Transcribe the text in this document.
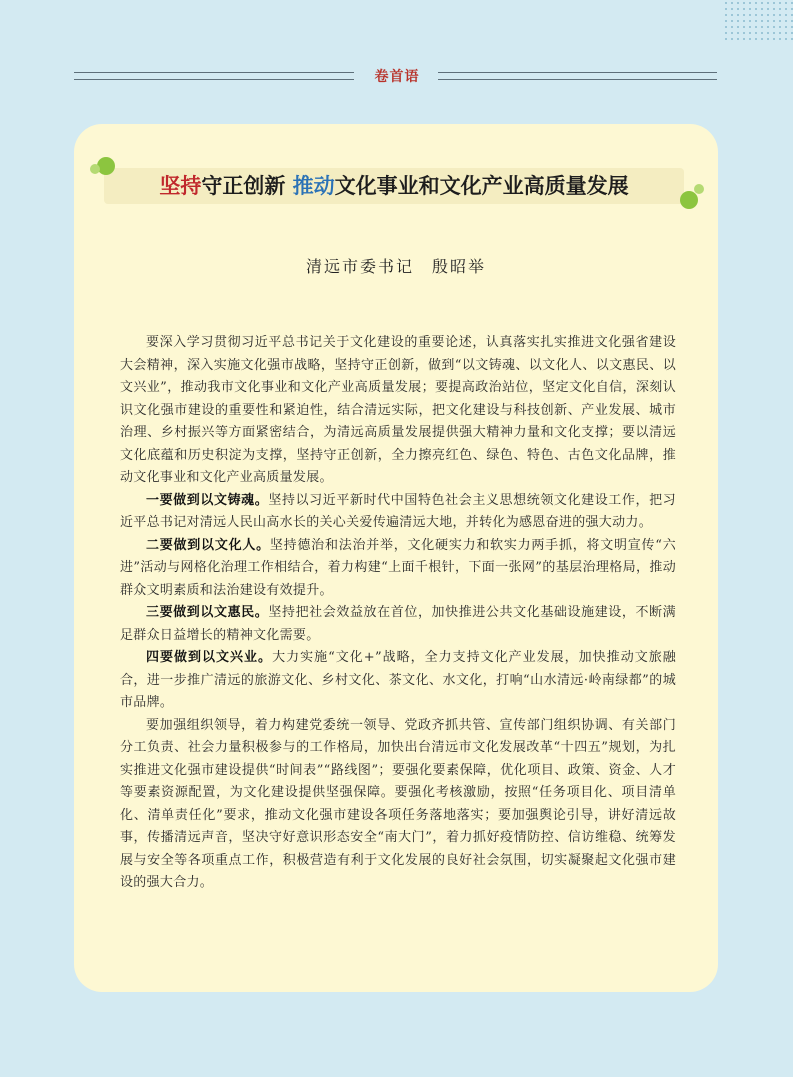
卷首语
坚持守正创新 推动文化事业和文化产业高质量发展
清远市委书记　殷昭举

要深入学习贯彻习近平总书记关于文化建设的重要论述，认真落实扎实推进文化强省建设大会精神，深入实施文化强市战略，坚持守正创新，做到“以文铸魂、以文化人、以文惠民、以文兴业”，推动我市文化事业和文化产业高质量发展；要提高政治站位，坚定文化自信，深刻认识文化强市建设的重要性和紧迫性，结合清远实际，把文化建设与科技创新、产业发展、城市治理、乡村振兴等方面紧密结合，为清远高质量发展提供强大精神力量和文化支撑；要以清远文化底蕴和历史积淀为支撑，坚持守正创新，全力擦亮红色、绿色、特色、古色文化品牌，推动文化事业和文化产业高质量发展。

一要做到以文铸魂。坚持以习近平新时代中国特色社会主义思想统领文化建设工作，把习近平总书记对清远人民山高水长的关心关爱传遍清远大地，并转化为感恩奋进的强大动力。

二要做到以文化人。坚持德治和法治并举，文化硬实力和软实力两手抓，将文明宣传“六进”活动与网格化治理工作相结合，着力构建“上面千根针，下面一张网”的基层治理格局，推动群众文明素质和法治建设有效提升。

三要做到以文惠民。坚持把社会效益放在首位，加快推进公共文化基础设施建设，不断满足群众日益增长的精神文化需要。

四要做到以文兴业。大力实施“文化+”战略，全力支持文化产业发展，加快推动文旅融合，进一步推广清远的旅游文化、乡村文化、茶文化、水文化，打响“山水清远·岭南绿都”的城市品牌。

要加强组织领导，着力构建党委统一领导、党政齐抓共管、宣传部门组织协调、有关部门分工负责、社会力量积极参与的工作格局，加快出台清远市文化发展改革“十四五”规划，为扎实推进文化强市建设提供“时间表”“路线图”；要强化要素保障，优化项目、政策、资金、人才等要素资源配置，为文化建设提供坚强保障。要强化考核激励，按照“任务项目化、项目清单化、清单责任化”要求，推动文化强市建设各项任务落地落实；要加强舆论引导，讲好清远故事，传播清远声音，坚决守好意识形态安全“南大门”，着力抓好疫情防控、信访维稳、统筹发展与安全等各项重点工作，积极营造有利于文化发展的良好社会氛围，切实凝聚起文化强市建设的强大合力。
